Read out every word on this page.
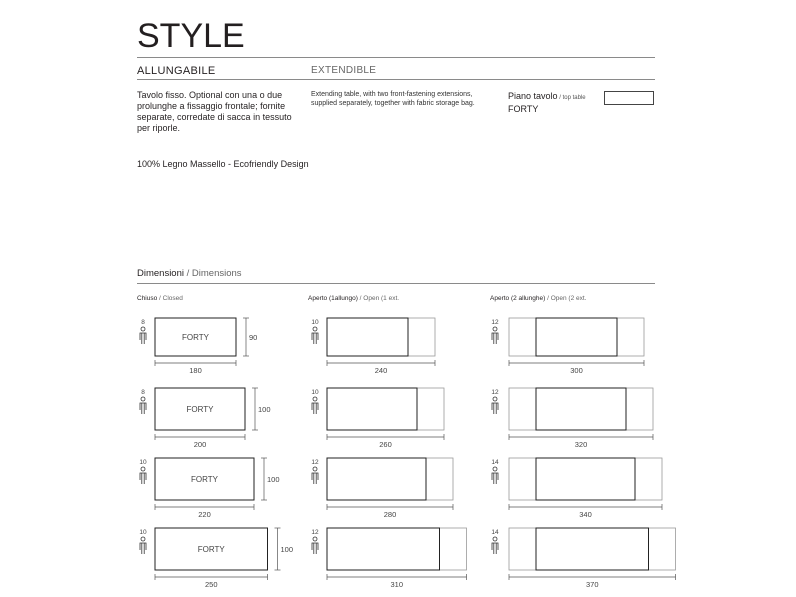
STYLE
ALLUNGABILE	EXTENDIBLE
Tavolo fisso. Optional con una o due prolunghe a fissaggio frontale; fornite separate, corredate di sacca in tessuto per riporle.
Extending table, with two front-fastening extensions, supplied separately, together with fabric storage bag.
Piano tavolo / top table
FORTY
100% Legno Massello - Ecofriendly Design
Dimensioni / Dimensions
Chiuso / Closed	Aperto (1allungo) / Open (1 ext.	Aperto (2 allunghe) / Open (2 ext.
8
FORTY	90
180
10
240
12
300
8
FORTY	100
200
10
260
12
320
10
FORTY	100
220
12
280
14
340
10
FORTY	100
250
12
310
14
370
